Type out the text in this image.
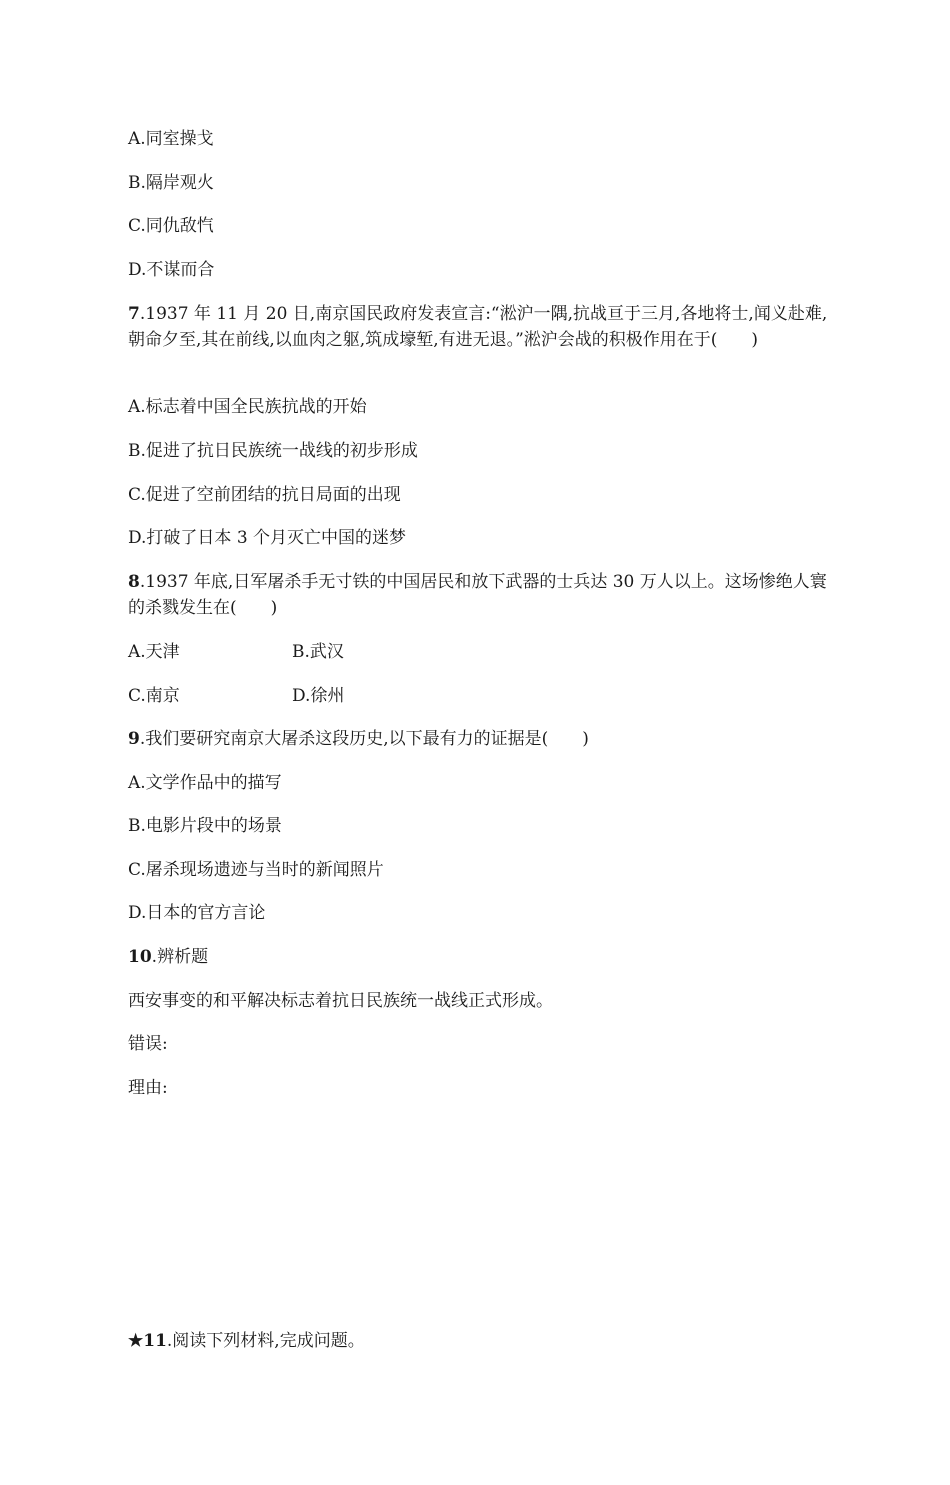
A.同室操戈
B.隔岸观火
C.同仇敌忾
D.不谋而合
7.1937 年 11 月 20 日,南京国民政府发表宣言:“淞沪一隅,抗战亘于三月,各地将士,闻义赴难,朝命夕至,其在前线,以血肉之躯,筑成壕堑,有进无退。”淞沪会战的积极作用在于(　　)
A.标志着中国全民族抗战的开始
B.促进了抗日民族统一战线的初步形成
C.促进了空前团结的抗日局面的出现
D.打破了日本 3 个月灭亡中国的迷梦
8.1937 年底,日军屠杀手无寸铁的中国居民和放下武器的士兵达 30 万人以上。这场惨绝人寰的杀戮发生在(　　)
A.天津	B.武汉
C.南京	D.徐州
9.我们要研究南京大屠杀这段历史,以下最有力的证据是(　　)
A.文学作品中的描写
B.电影片段中的场景
C.屠杀现场遗迹与当时的新闻照片
D.日本的官方言论
10.辨析题
西安事变的和平解决标志着抗日民族统一战线正式形成。
错误:
理由:
★11.阅读下列材料,完成问题。
